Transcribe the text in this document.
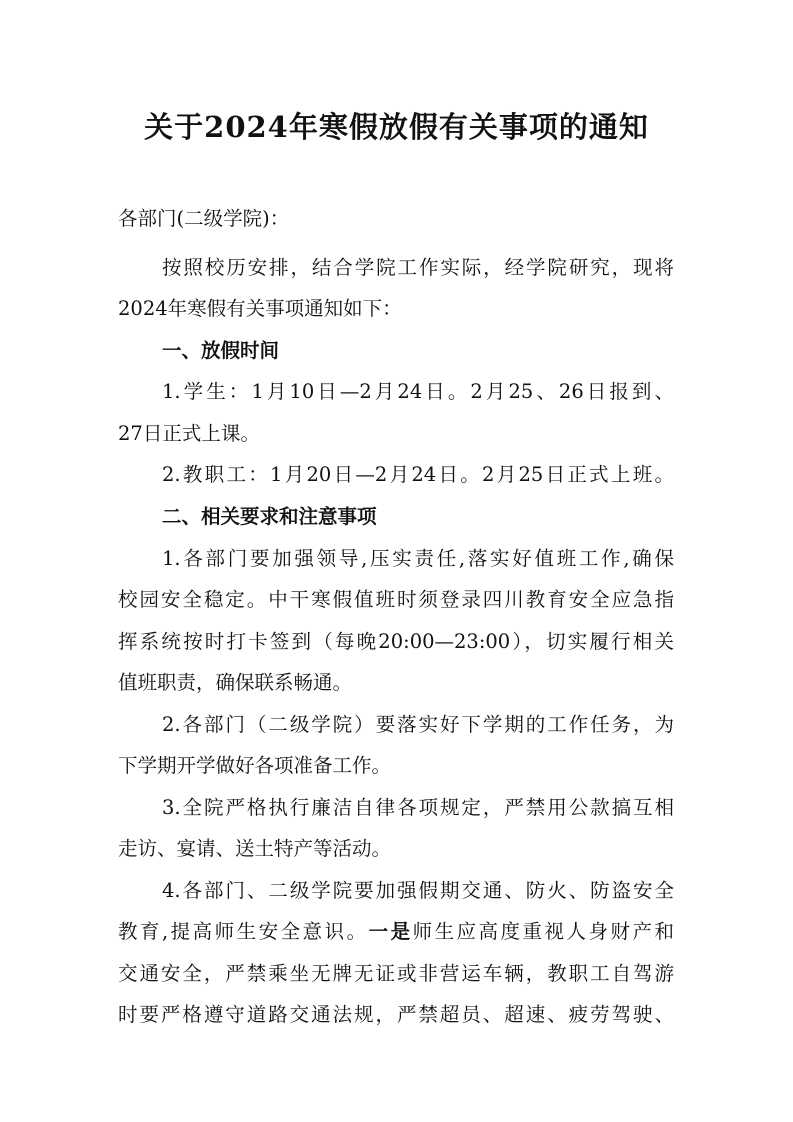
关于2024年寒假放假有关事项的通知
各部门(二级学院)：
按照校历安排，结合学院工作实际，经学院研究，现将
2024年寒假有关事项通知如下：
一、放假时间
1.学生：1月10日—2月24日。2月25、26日报到、
27日正式上课。
2.教职工：1月20日—2月24日。2月25日正式上班。
二、相关要求和注意事项
1.各部门要加强领导,压实责任,落实好值班工作,确保
校园安全稳定。中干寒假值班时须登录四川教育安全应急指
挥系统按时打卡签到（每晚20:00—23:00），切实履行相关
值班职责，确保联系畅通。
2.各部门（二级学院）要落实好下学期的工作任务，为
下学期开学做好各项准备工作。
3.全院严格执行廉洁自律各项规定，严禁用公款搞互相
走访、宴请、送土特产等活动。
4.各部门、二级学院要加强假期交通、防火、防盗安全
教育,提高师生安全意识。一是师生应高度重视人身财产和
交通安全，严禁乘坐无牌无证或非营运车辆，教职工自驾游
时要严格遵守道路交通法规，严禁超员、超速、疲劳驾驶、
